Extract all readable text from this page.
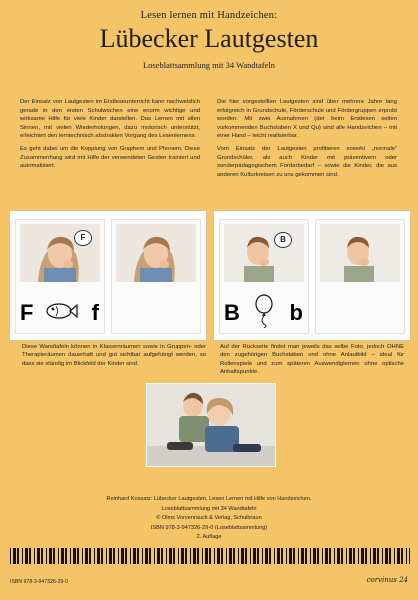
Lesen lernen mit Handzeichen:
Lübecker Lautgesten
Loseblattsammlung mit 34 Wandtafeln

Der Einsatz von Lautgesten im Erstleseunterricht kann nachweislich gerade in den ersten Schulwochen eine enorm wichtige und wirksame Hilfe für viele Kinder darstellen. Das Lernen mit allen Sinnen, mit vielen Wiederholungen, dazu motorisch unterstützt, erleichtert den lerntechnisch abstrakten Vorgang des Lesenlernens.

Es geht dabei um die Kopplung von Graphem und Phonem. Diese Zusammenhang wird mit Hilfe der verwendeten Gesten trainiert und automatisiert.

Die hier vorgestellten Lautgesten sind über mehrere Jahre lang erfolgreich in Grundschule, Förderschule und Fördergruppen erprobt worden. Mit zwei Ausnahmen (der beim Erstlesen selten vorkommenden Buchstaben X und Qu) sind alle Handzeichen – mit einer Hand – leicht realisierbar.

Vom Einsatz der Lautgesten profitieren sowohl „normale“ Grundschüler, als auch Kinder mit präventivem oder sonderpädagogischem Förderbedarf – sowie die Kinder, die aus anderen Kulturkreisen zu uns gekommen sind.

F
F	f
B
B b
Diese Wandtafeln können in Klassenräumen sowie in Gruppen- oder Therapieräumen dauerhaft und gut sichtbar aufgehängt werden, so dass sie ständig im Blickfeld der Kinder sind.
Auf der Rückseite findet man jeweils das selbe Foto, jedoch OHNE den zugehörigen Buchstaben und ohne Anlautbild – ideal für Rollenspiele und zum späteren Auswendiglernen ohne optische Anhaltspunkte.
Reinhard Kossatz: Lübecker Lautgesten. Lesen Lernen mit Hilfe von Handzeichen.
Loseblattsammlung mit 34 Wandtafeln
© Olms Vorvenrauck & Verlag, Schulbraun
ISBN 978-3-947326-29-0 (Loseblattsammlung)
2. Auflage
ISBN 978-3-947326-29-0	corvinus 24
